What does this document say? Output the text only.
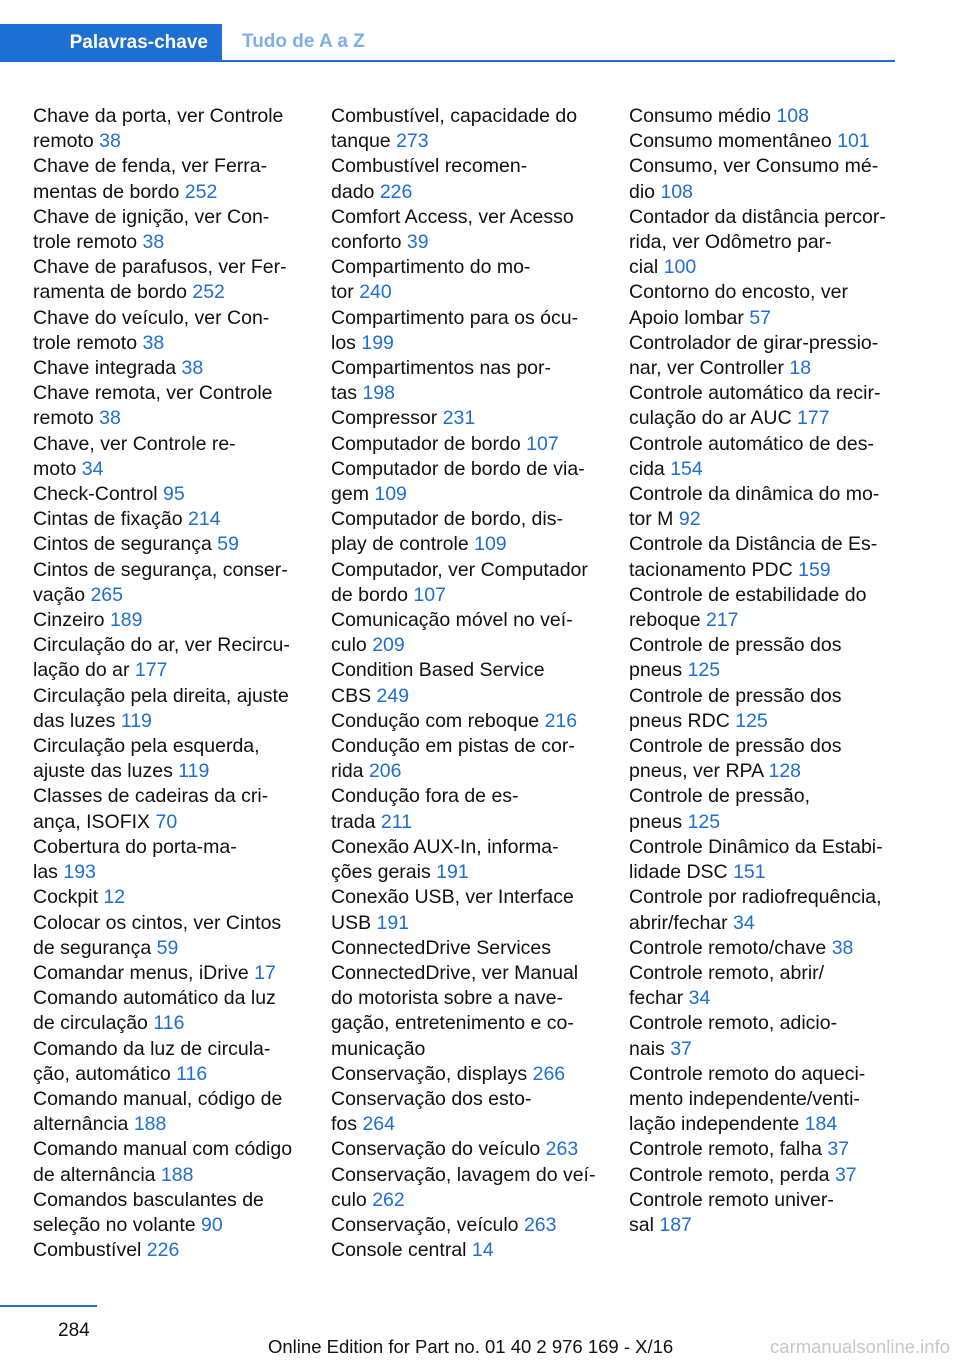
Palavras-chave	Tudo de A a Z
Chave da porta, ver Controle
remoto 38
Chave de fenda, ver Ferra-
mentas de bordo 252
Chave de ignição, ver Con-
trole remoto 38
Chave de parafusos, ver Fer-
ramenta de bordo 252
Chave do veículo, ver Con-
trole remoto 38
Chave integrada 38
Chave remota, ver Controle
remoto 38
Chave, ver Controle re-
moto 34
Check-Control 95
Cintas de fixação 214
Cintos de segurança 59
Cintos de segurança, conser-
vação 265
Cinzeiro 189
Circulação do ar, ver Recircu-
lação do ar 177
Circulação pela direita, ajuste
das luzes 119
Circulação pela esquerda,
ajuste das luzes 119
Classes de cadeiras da cri-
ança, ISOFIX 70
Cobertura do porta-ma-
las 193
Cockpit 12
Colocar os cintos, ver Cintos
de segurança 59
Comandar menus, iDrive 17
Comando automático da luz
de circulação 116
Comando da luz de circula-
ção, automático 116
Comando manual, código de
alternância 188
Comando manual com código
de alternância 188
Comandos basculantes de
seleção no volante 90
Combustível 226
Combustível, capacidade do
tanque 273
Combustível recomen-
dado 226
Comfort Access, ver Acesso
conforto 39
Compartimento do mo-
tor 240
Compartimento para os ócu-
los 199
Compartimentos nas por-
tas 198
Compressor 231
Computador de bordo 107
Computador de bordo de via-
gem 109
Computador de bordo, dis-
play de controle 109
Computador, ver Computador
de bordo 107
Comunicação móvel no veí-
culo 209
Condition Based Service
CBS 249
Condução com reboque 216
Condução em pistas de cor-
rida 206
Condução fora de es-
trada 211
Conexão AUX-In, informa-
ções gerais 191
Conexão USB, ver Interface
USB 191
ConnectedDrive Services
ConnectedDrive, ver Manual
do motorista sobre a nave-
gação, entretenimento e co-
municação
Conservação, displays 266
Conservação dos esto-
fos 264
Conservação do veículo 263
Conservação, lavagem do veí-
culo 262
Conservação, veículo 263
Console central 14
Consumo médio 108
Consumo momentâneo 101
Consumo, ver Consumo mé-
dio 108
Contador da distância percor-
rida, ver Odômetro par-
cial 100
Contorno do encosto, ver
Apoio lombar 57
Controlador de girar-pressio-
nar, ver Controller 18
Controle automático da recir-
culação do ar AUC 177
Controle automático de des-
cida 154
Controle da dinâmica do mo-
tor M 92
Controle da Distância de Es-
tacionamento PDC 159
Controle de estabilidade do
reboque 217
Controle de pressão dos
pneus 125
Controle de pressão dos
pneus RDC 125
Controle de pressão dos
pneus, ver RPA 128
Controle de pressão,
pneus 125
Controle Dinâmico da Estabi-
lidade DSC 151
Controle por radiofrequência,
abrir/fechar 34
Controle remoto/chave 38
Controle remoto, abrir/
fechar 34
Controle remoto, adicio-
nais 37
Controle remoto do aqueci-
mento independente/venti-
lação independente 184
Controle remoto, falha 37
Controle remoto, perda 37
Controle remoto univer-
sal 187
284
Online Edition for Part no. 01 40 2 976 169 - X/16	carmanualsonline.info
